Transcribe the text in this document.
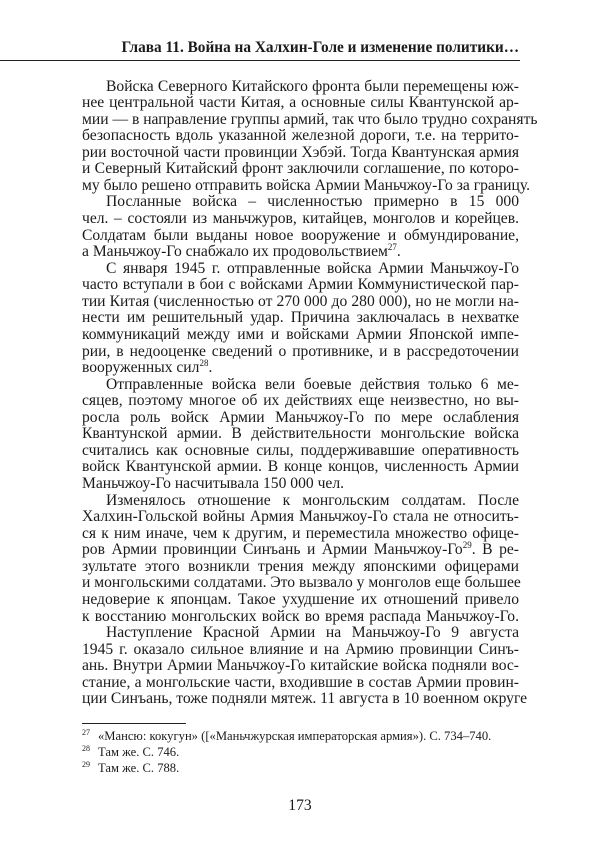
Глава 11. Война на Халхин-Голе и изменение политики…
Войска Северного Китайского фронта были перемещены юж-
нее центральной части Китая, а основные силы Квантунской ар-
мии — в направление группы армий, так что было трудно сохранять
безопасность вдоль указанной железной дороги, т.е. на террито-
рии восточной части провинции Хэбэй. Тогда Квантунская армия
и Северный Китайский фронт заключили соглашение, по которо-
му было решено отправить войска Армии Маньчжоу-Го за границу.
Посланные войска – численностью примерно в 15 000
чел. – состояли из маньчжуров, китайцев, монголов и корейцев.
Солдатам были выданы новое вооружение и обмундирование,
а Маньчжоу-Го снабжало их продовольствием$^{27}$.
С января 1945 г. отправленные войска Армии Маньчжоу-Го
часто вступали в бои с войсками Армии Коммунистической пар-
тии Китая (численностью от 270 000 до 280 000), но не могли на-
нести им решительный удар. Причина заключалась в нехватке
коммуникаций между ими и войсками Армии Японской импе-
рии, в недооценке сведений о противнике, и в рассредоточении
вооруженных сил$^{28}$.
Отправленные войска вели боевые действия только 6 ме-
сяцев, поэтому многое об их действиях еще неизвестно, но вы-
росла роль войск Армии Маньчжоу-Го по мере ослабления
Квантунской армии. В действительности монгольские войска
считались как основные силы, поддерживавшие оперативность
войск Квантунской армии. В конце концов, численность Армии
Маньчжоу-Го насчитывала 150 000 чел.
Изменялось отношение к монгольским солдатам. После
Халхин-Гольской войны Армия Маньчжоу-Го стала не относить-
ся к ним иначе, чем к другим, и переместила множество офице-
ров Армии провинции Синъань и Армии Маньчжоу-$Го^{29}$. В ре-
зультате этого возникли трения между японскими офицерами
и монгольскими солдатами. Это вызвало у монголов еще большее
недоверие к японцам. Такое ухудшение их отношений привело
к восстанию монгольских войск во время распада Маньчжоу-Го.
Наступление Красной Армии на Маньчжоу-Го 9 августа
1945 г. оказало сильное влияние и на Армию провинции Синъ-
ань. Внутри Армии Маньчжоу-Го китайские войска подняли вос-
стание, а монгольские части, входившие в состав Армии провин-
ции Синъань, тоже подняли мятеж. 11 августа в 10 военном округе
$^{27}$ «Мансю: кокугун» ([«Маньчжурская императорская армия»). С. 734–740.
$^{28}$ Там же. С. 746.
$^{29}$ Там же. С. 788.
173
